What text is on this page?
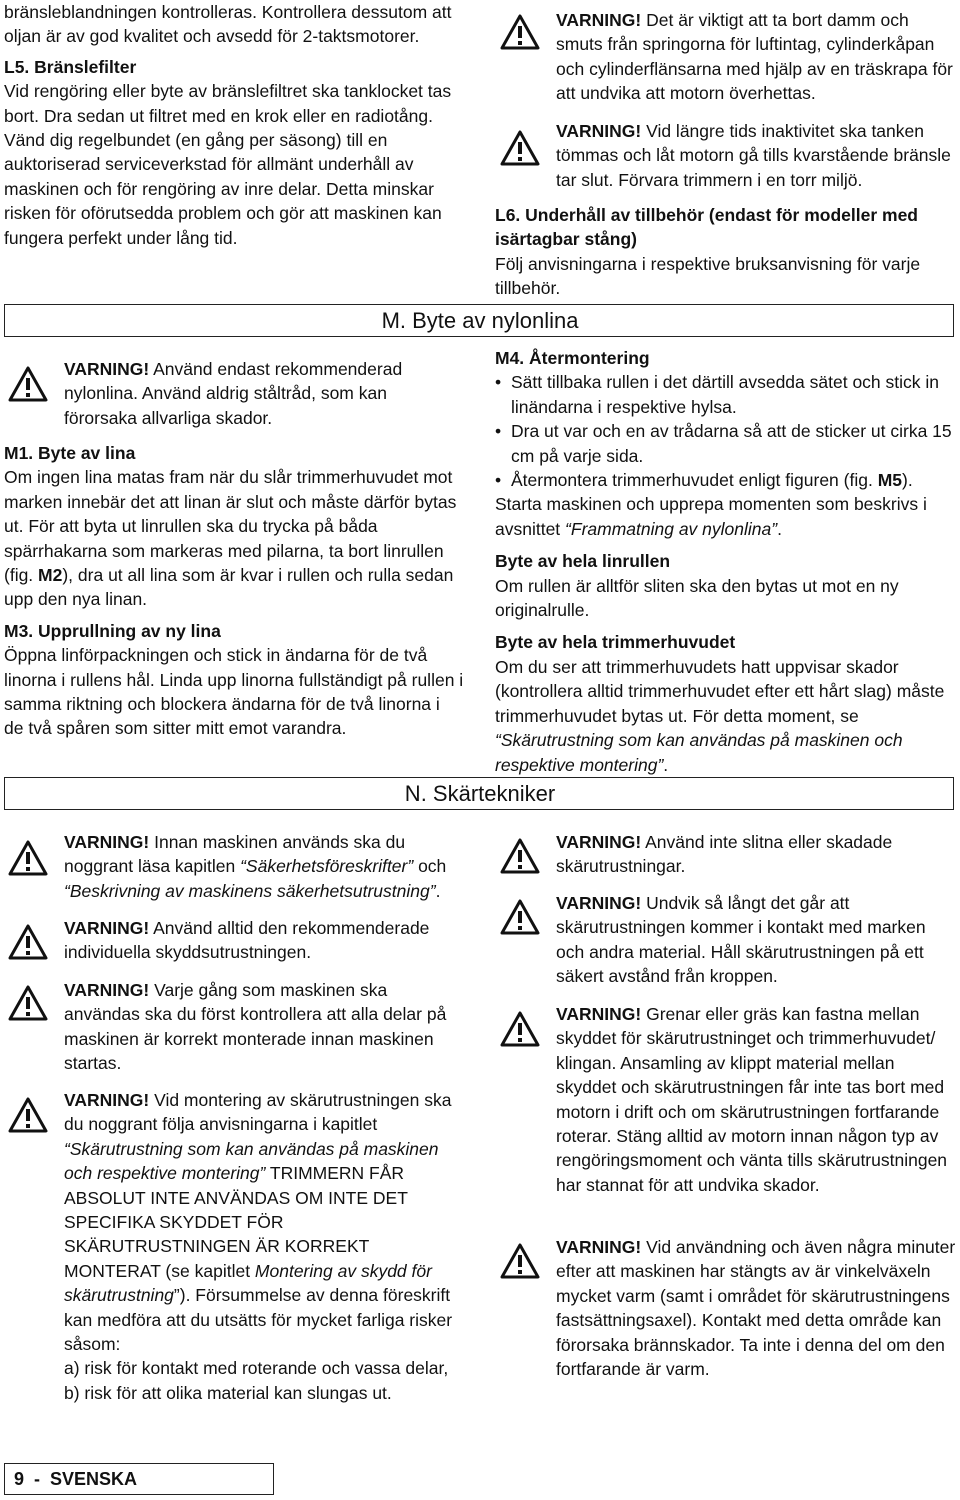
bränsleblandningen kontrolleras. Kontrollera dessutom att oljan är av god kvalitet och avsedd för 2-taktsmotorer.

L5. Bränslefilter

Vid rengöring eller byte av bränslefiltret ska tanklocket tas bort. Dra sedan ut filtret med en krok eller en radiotång. Vänd dig regelbundet (en gång per säsong) till en auktoriserad serviceverkstad för allmänt underhåll av maskinen och för rengöring av inre delar. Detta minskar risken för oförutsedda problem och gör att maskinen kan fungera perfekt under lång tid.

VARNING! Det är viktigt att ta bort damm och smuts från springorna för luftintag, cylinderkåpan och cylinderflänsarna med hjälp av en träskrapa för att undvika att motorn överhettas.

VARNING! Vid längre tids inaktivitet ska tanken tömmas och låt motorn gå tills kvarstående bränsle tar slut. Förvara trimmern i en torr miljö.

L6. Underhåll av tillbehör (endast för modeller med isärtagbar stång)

Följ anvisningarna i respektive bruksanvisning för varje tillbehör.

M. Byte av nylonlina

VARNING! Använd endast rekommenderad nylonlina. Använd aldrig ståltråd, som kan förorsaka allvarliga skador.

M1. Byte av lina

Om ingen lina matas fram när du slår trimmerhuvudet mot marken innebär det att linan är slut och måste därför bytas ut. För att byta ut linrullen ska du trycka på båda spärrhakarna som markeras med pilarna, ta bort linrullen (fig. M2), dra ut all lina som är kvar i rullen och rulla sedan upp den nya linan.

M3. Upprullning av ny lina

Öppna linförpackningen och stick in ändarna för de två linorna i rullens hål. Linda upp linorna fullständigt på rullen i samma riktning och blockera ändarna för de två linorna i de två spåren som sitter mitt emot varandra.

M4. Återmontering

• Sätt tillbaka rullen i det därtill avsedda sätet och stick in linändarna i respektive hylsa.
• Dra ut var och en av trådarna så att de sticker ut cirka 15 cm på varje sida.
• Återmontera trimmerhuvudet enligt figuren (fig. M5).

Starta maskinen och upprepa momenten som beskrivs i avsnittet “Frammatning av nylonlina”.

Byte av hela linrullen

Om rullen är alltför sliten ska den bytas ut mot en ny originalrulle.

Byte av hela trimmerhuvudet

Om du ser att trimmerhuvudets hatt uppvisar skador (kontrollera alltid trimmerhuvudet efter ett hårt slag) måste trimmerhuvudet bytas ut. För detta moment, se “Skärutrustning som kan användas på maskinen och respektive montering”.

N. Skärtekniker

VARNING! Innan maskinen används ska du noggrant läsa kapitlen “Säkerhetsföreskrifter” och “Beskrivning av maskinens säkerhetsutrustning”.

VARNING! Använd alltid den rekommenderade individuella skyddsutrustningen.

VARNING! Varje gång som maskinen ska användas ska du först kontrollera att alla delar på maskinen är korrekt monterade innan maskinen startas.

VARNING! Vid montering av skärutrustningen ska du noggrant följa anvisningarna i kapitlet “Skärutrustning som kan användas på maskinen och respektive montering” TRIMMERN FÅR ABSOLUT INTE ANVÄNDAS OM INTE DET SPECIFIKA SKYDDET FÖR SKÄRUTRUSTNINGEN ÄR KORREKT MONTERAT (se kapitlet Montering av skydd för skärutrustning”). Försummelse av denna föreskrift kan medföra att du utsätts för mycket farliga risker såsom:

a) risk för kontakt med roterande och vassa delar,

b) risk för att olika material kan slungas ut.

VARNING! Använd inte slitna eller skadade skärutrustningar.

VARNING! Undvik så långt det går att skärutrustningen kommer i kontakt med marken och andra material. Håll skärutrustningen på ett säkert avstånd från kroppen.

VARNING! Grenar eller gräs kan fastna mellan skyddet för skärutrustninget och trimmerhuvudet/ klingan. Ansamling av klippt material mellan skyddet och skärutrustningen får inte tas bort med motorn i drift och om skärutrustningen fortfarande roterar. Stäng alltid av motorn innan någon typ av rengöringsmoment och vänta tills skärutrustningen har stannat för att undvika skador.

VARNING! Vid användning och även några minuter efter att maskinen har stängts av är vinkelväxeln mycket varm (samt i området för skärutrustningens fastsättningsaxel). Kontakt med detta område kan förorsaka brännskador. Ta inte i denna del om den fortfarande är varm.

9  -  SVENSKA
